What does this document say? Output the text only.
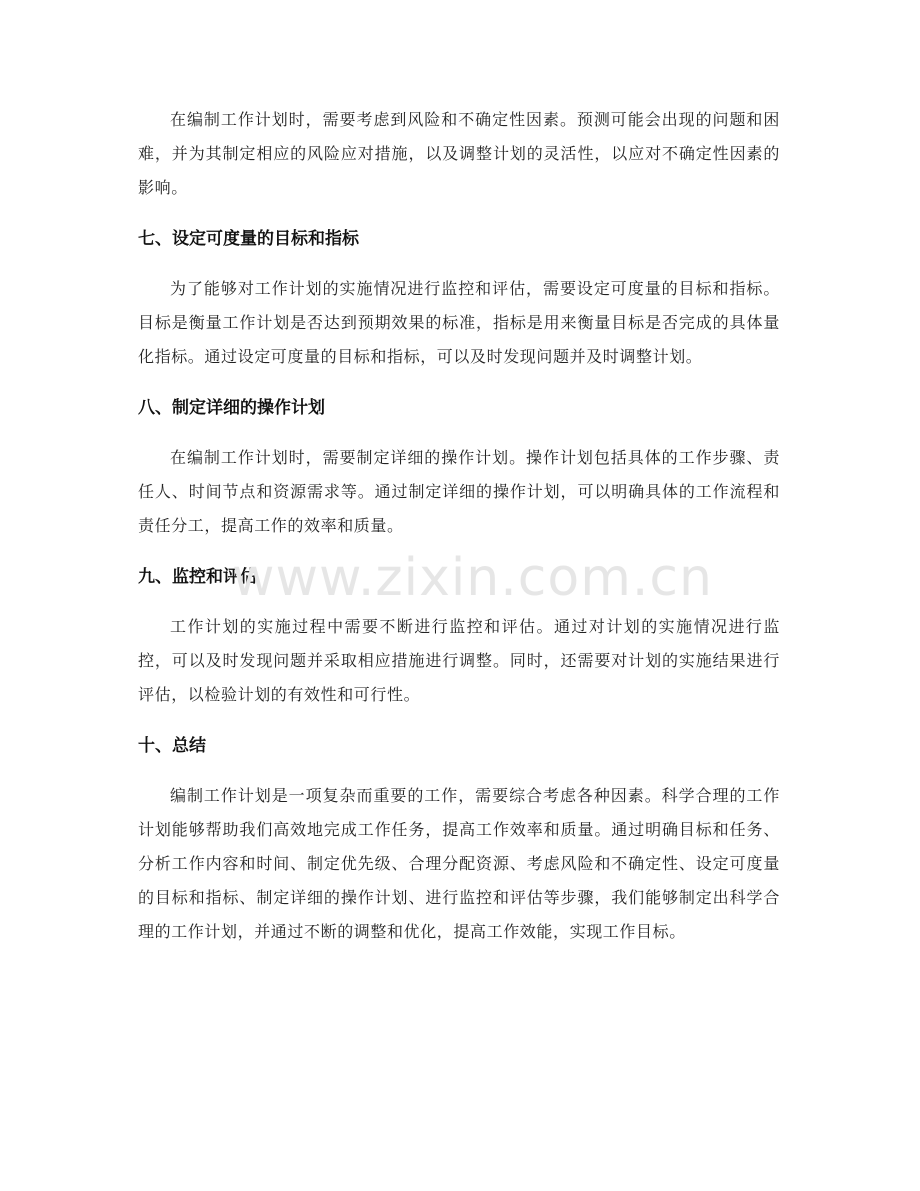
在编制工作计划时，需要考虑到风险和不确定性因素。预测可能会出现的问题和困难，并为其制定相应的风险应对措施，以及调整计划的灵活性，以应对不确定性因素的影响。

七、设定可度量的目标和指标

为了能够对工作计划的实施情况进行监控和评估，需要设定可度量的目标和指标。目标是衡量工作计划是否达到预期效果的标准，指标是用来衡量目标是否完成的具体量化指标。通过设定可度量的目标和指标，可以及时发现问题并及时调整计划。

八、制定详细的操作计划

在编制工作计划时，需要制定详细的操作计划。操作计划包括具体的工作步骤、责任人、时间节点和资源需求等。通过制定详细的操作计划，可以明确具体的工作流程和责任分工，提高工作的效率和质量。

九、监控和评估

工作计划的实施过程中需要不断进行监控和评估。通过对计划的实施情况进行监控，可以及时发现问题并采取相应措施进行调整。同时，还需要对计划的实施结果进行评估，以检验计划的有效性和可行性。

十、总结

编制工作计划是一项复杂而重要的工作，需要综合考虑各种因素。科学合理的工作计划能够帮助我们高效地完成工作任务，提高工作效率和质量。通过明确目标和任务、分析工作内容和时间、制定优先级、合理分配资源、考虑风险和不确定性、设定可度量的目标和指标、制定详细的操作计划、进行监控和评估等步骤，我们能够制定出科学合理的工作计划，并通过不断的调整和优化，提高工作效能，实现工作目标。

www.zixin.com.cn
